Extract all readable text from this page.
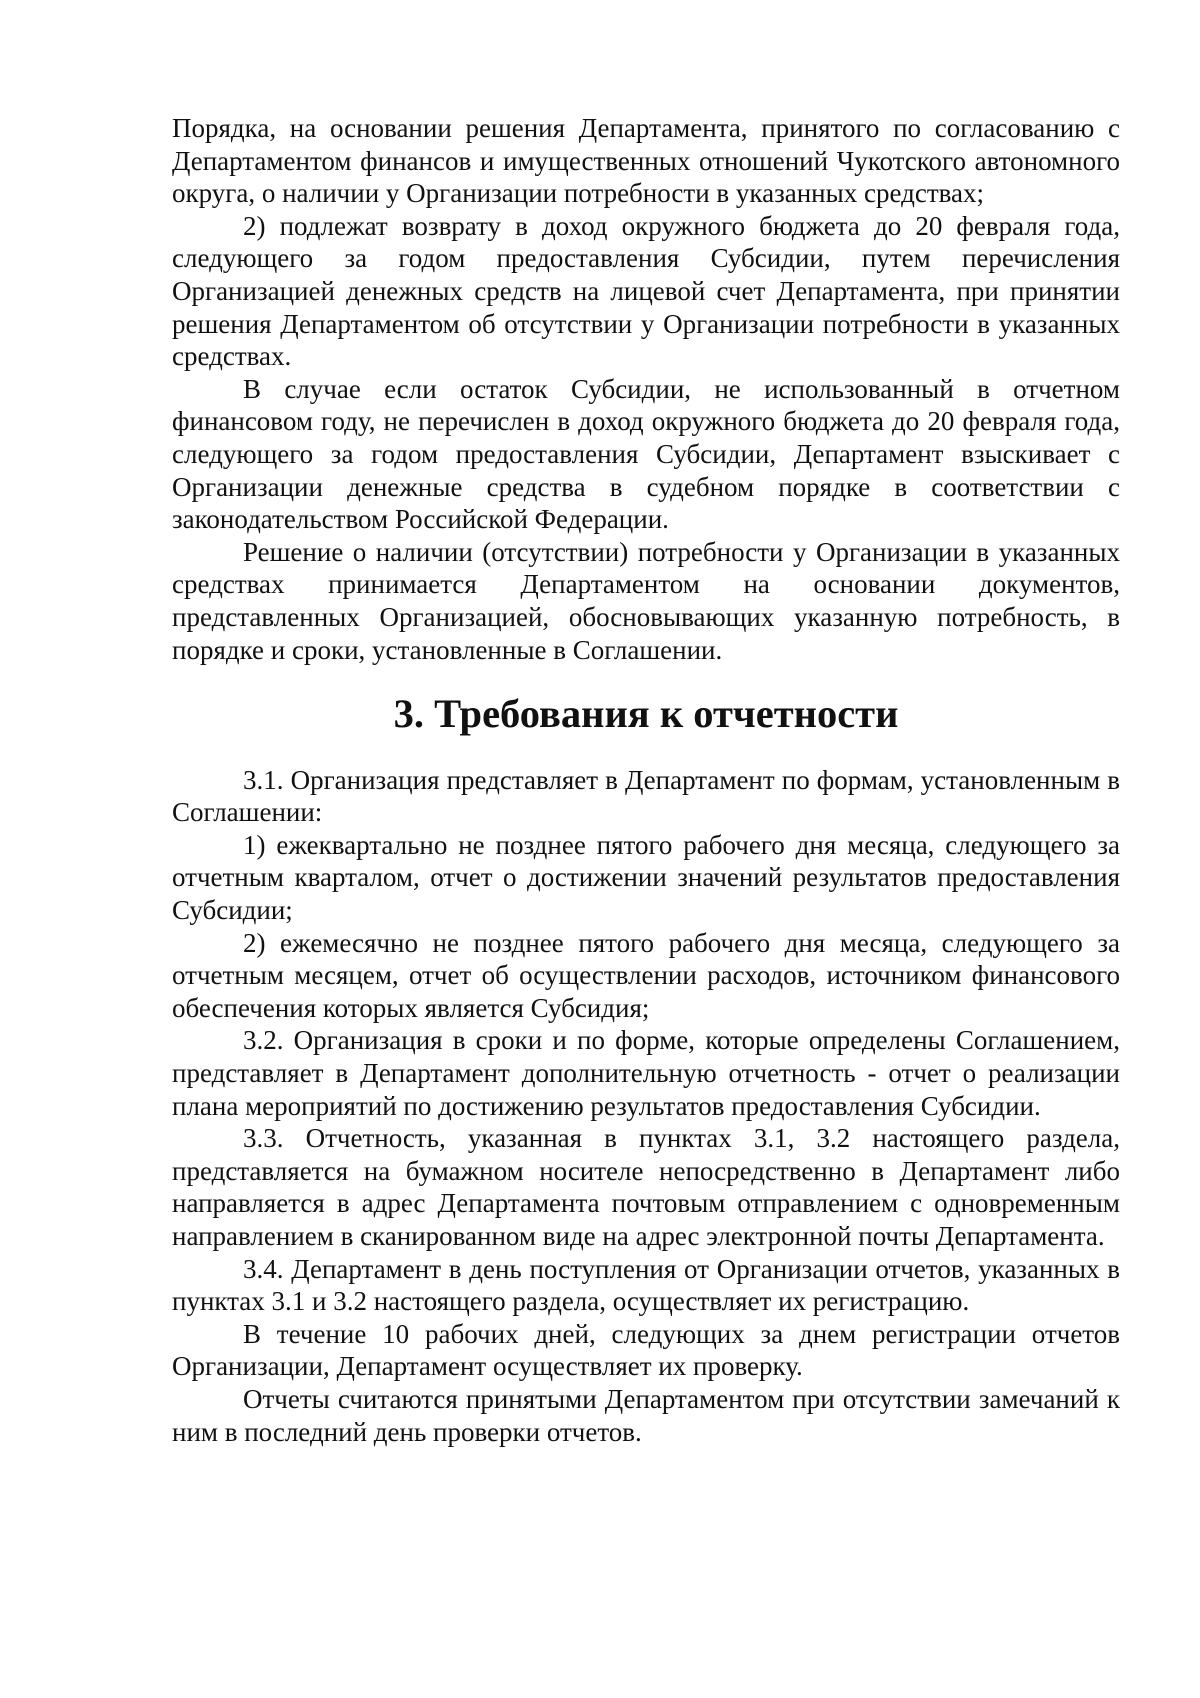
Порядка, на основании решения Департамента, принятого по согласованию с Департаментом финансов и имущественных отношений Чукотского автономного округа, о наличии у Организации потребности в указанных средствах;

2) подлежат возврату в доход окружного бюджета до 20 февраля года, следующего за годом предоставления Субсидии, путем перечисления Организацией денежных средств на лицевой счет Департамента, при принятии решения Департаментом об отсутствии у Организации потребности в указанных средствах.

В случае если остаток Субсидии, не использованный в отчетном финансовом году, не перечислен в доход окружного бюджета до 20 февраля года, следующего за годом предоставления Субсидии, Департамент взыскивает с Организации денежные средства в судебном порядке в соответствии с законодательством Российской Федерации.

Решение о наличии (отсутствии) потребности у Организации в указанных средствах принимается Департаментом на основании документов, представленных Организацией, обосновывающих указанную потребность, в порядке и сроки, установленные в Соглашении.

3. Требования к отчетности

3.1. Организация представляет в Департамент по формам, установленным в Соглашении:

1) ежеквартально не позднее пятого рабочего дня месяца, следующего за отчетным кварталом, отчет о достижении значений результатов предоставления Субсидии;

2) ежемесячно не позднее пятого рабочего дня месяца, следующего за отчетным месяцем, отчет об осуществлении расходов, источником финансового обеспечения которых является Субсидия;

3.2. Организация в сроки и по форме, которые определены Соглашением, представляет в Департамент дополнительную отчетность - отчет о реализации плана мероприятий по достижению результатов предоставления Субсидии.

3.3. Отчетность, указанная в пунктах 3.1, 3.2 настоящего раздела, представляется на бумажном носителе непосредственно в Департамент либо направляется в адрес Департамента почтовым отправлением с одновременным направлением в сканированном виде на адрес электронной почты Департамента.

3.4. Департамент в день поступления от Организации отчетов, указанных в пунктах 3.1 и 3.2 настоящего раздела, осуществляет их регистрацию.

В течение 10 рабочих дней, следующих за днем регистрации отчетов Организации, Департамент осуществляет их проверку.

Отчеты считаются принятыми Департаментом при отсутствии замечаний к ним в последний день проверки отчетов.
